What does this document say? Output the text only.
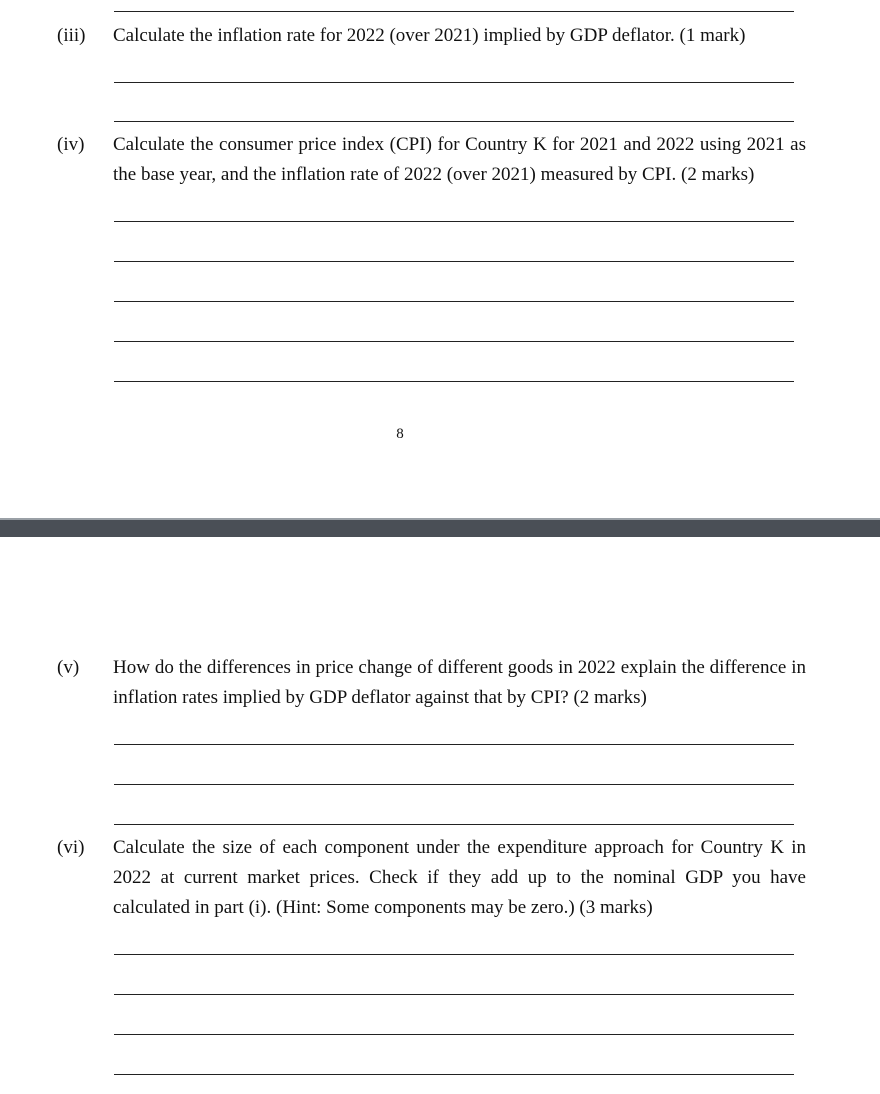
(iii) Calculate the inflation rate for 2022 (over 2021) implied by GDP deflator. (1 mark)

(iv) Calculate the consumer price index (CPI) for Country K for 2021 and 2022 using 2021 as the base year, and the inflation rate of 2022 (over 2021) measured by CPI. (2 marks)

8
(v) How do the differences in price change of different goods in 2022 explain the difference in inflation rates implied by GDP deflator against that by CPI? (2 marks)

(vi) Calculate the size of each component under the expenditure approach for Country K in 2022 at current market prices. Check if they add up to the nominal GDP you have calculated in part (i). (Hint: Some components may be zero.) (3 marks)
